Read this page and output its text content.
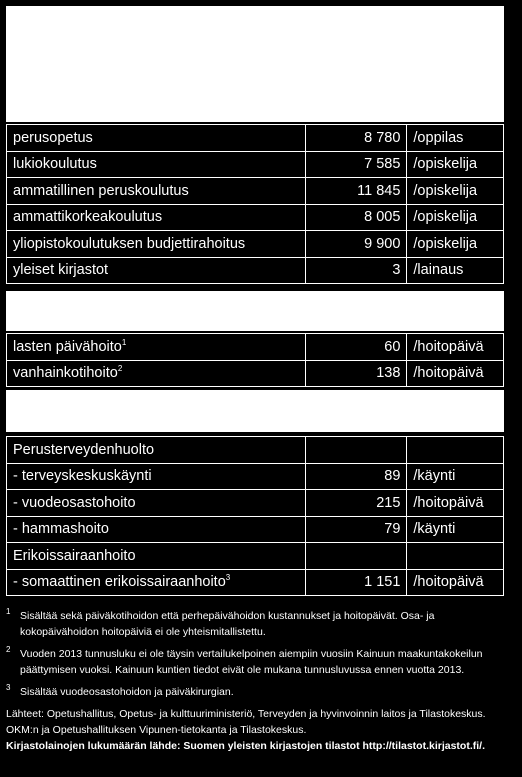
perusopetus	8 780	/oppilas
lukiokoulutus	7 585	/opiskelija
ammatillinen peruskoulutus	11 845	/opiskelija
ammattikorkeakoulutus	8 005	/opiskelija
yliopistokoulutuksen budjettirahoitus	9 900	/opiskelija
yleiset kirjastot	3	/lainaus
lasten päivähoito$^1$	60	/hoitopäivä
vanhainkotihoito$^2$	138	/hoitopäivä
Perusterveydenhuolto		
- terveyskeskuskäynti	89	/käynti
- vuodeosastohoito	215	/hoitopäivä
- hammashoito	79	/käynti
Erikoissairaanhoito		
- somaattinen erikoissairaanhoito$^3$	1 151	/hoitopäivä
1 Sisältää sekä päiväkotihoidon että perhepäivähoidon kustannukset ja hoitopäivät. Osa- ja kokopäivähoidon hoitopäiviä ei ole yhteismitallistettu.
2 Vuoden 2013 tunnusluku ei ole täysin vertailukelpoinen aiempiin vuosiin Kainuun maakuntakokeilun päättymisen vuoksi. Kainuun kuntien tiedot eivät ole mukana tunnusluvussa ennen vuotta 2013.
3 Sisältää vuodeosastohoidon ja päiväkirurgian.

Lähteet: Opetushallitus, Opetus- ja kulttuuriministeriö, Terveyden ja hyvinvoinnin laitos ja Tilastokeskus.

OKM:n ja Opetushallituksen Vipunen-tietokanta ja Tilastokeskus.

Kirjastolainojen lukumäärän lähde: Suomen yleisten kirjastojen tilastot http://tilastot.kirjastot.fi/.
